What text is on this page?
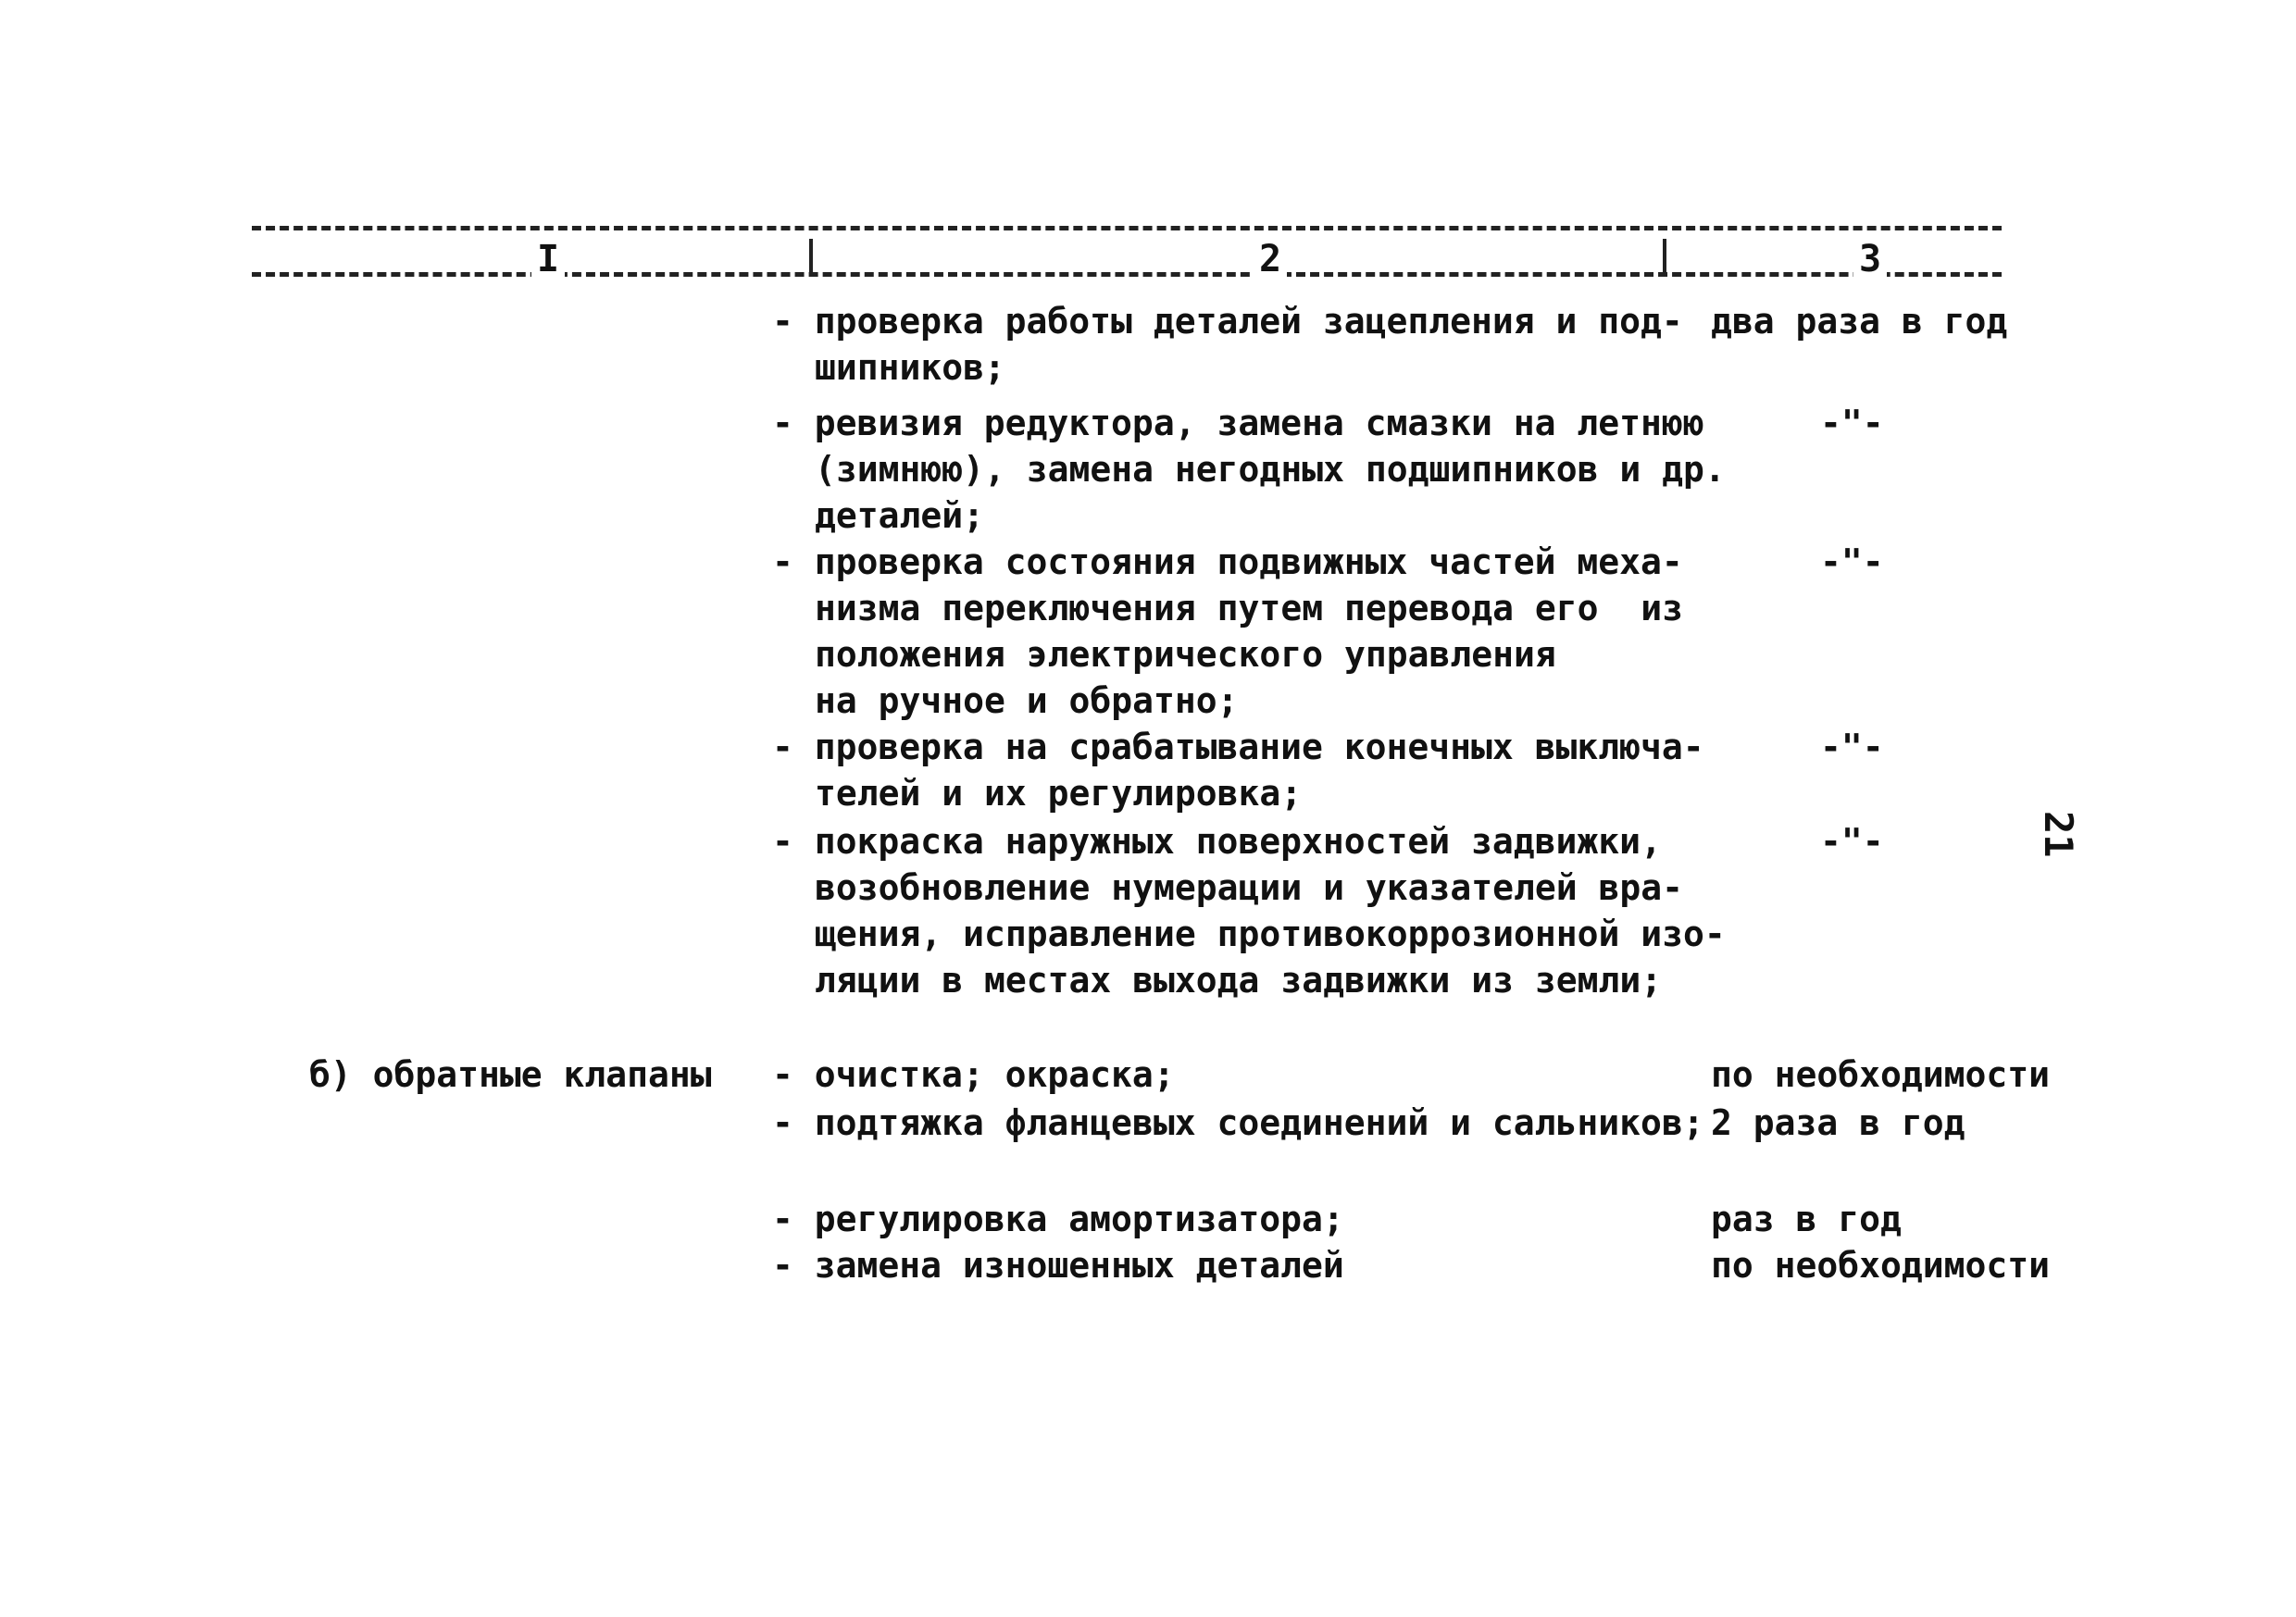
I	2	3
- проверка работы деталей зацепления и под-
шипников;
два раза в год
- ревизия редуктора, замена смазки на летнюю
(зимнюю), замена негодных подшипников и др.
деталей;
-"-
- проверка состояния подвижных частей меха-
низма переключения путем перевода его  из
положения электрического управления
на ручное и обратно;
-"-
- проверка на срабатывание конечных выключа-
телей и их регулировка;
-"-
- покраска наружных поверхностей задвижки,
возобновление нумерации и указателей вра-
щения, исправление противокоррозионной изо-
ляции в местах выхода задвижки из земли;
-"-
б) обратные клапаны
-	очистка; окраска;	по необходимости
- подтяжка фланцевых соединений и сальников; 2 раза в год
- регулировка амортизатора;	раз в год
- замена изношенных деталей	по необходимости
21
